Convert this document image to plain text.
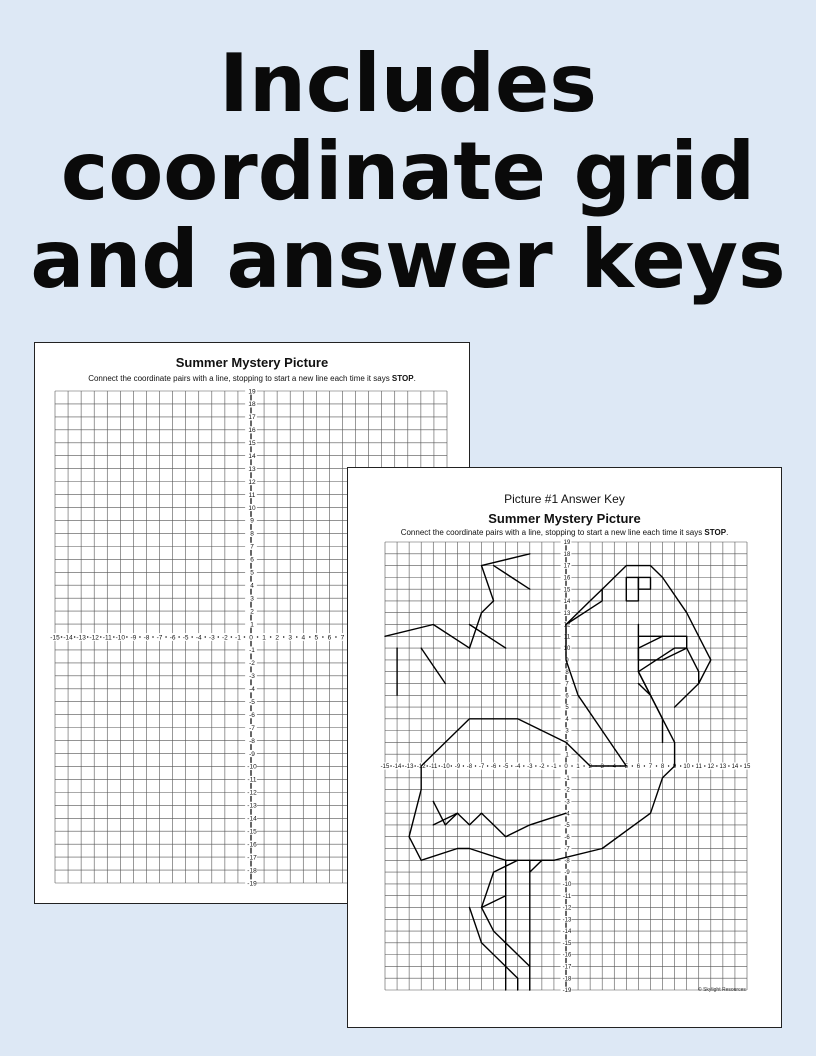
Includes
coordinate grid
and answer keys
Summer Mystery Picture
Connect the coordinate pairs with a line, stopping to start a new line each time it says STOP.
-15 -14 -13 -12 -11 -10 -9 -8 -7 -6 -5 -4 -3 -2 -1 0 1 2 3 4 5 6 7
19
18
17
16
15
14
13
12
11
10
9
8
7
6
5
4
3
2
1
-1
-2
-3
-4
-5
-6
-7
-8
-9
-10
-11
-12
-13
-14
-15
-16
-17
-18
-19
Picture #1 Answer Key
Summer Mystery Picture
Connect the coordinate pairs with a line, stopping to start a new line each time it says STOP.
-15 -14 -13 -12 -11 -10 -9 -8 -7 -6 -5 -4 -3 -2 -1 0 1 2 3 4 5 6 7 8 9 10 11 12 13 14 15
19
18
17
16
15
14
13
12
11
10
9
8
7
6
5
4
3
2
1
-1
-2
-3
-4
-5
-6
-7
-8
-9
-10
-11
-12
-13
-14
-15
-16
-17
-18
-19	© Skylight Resources
